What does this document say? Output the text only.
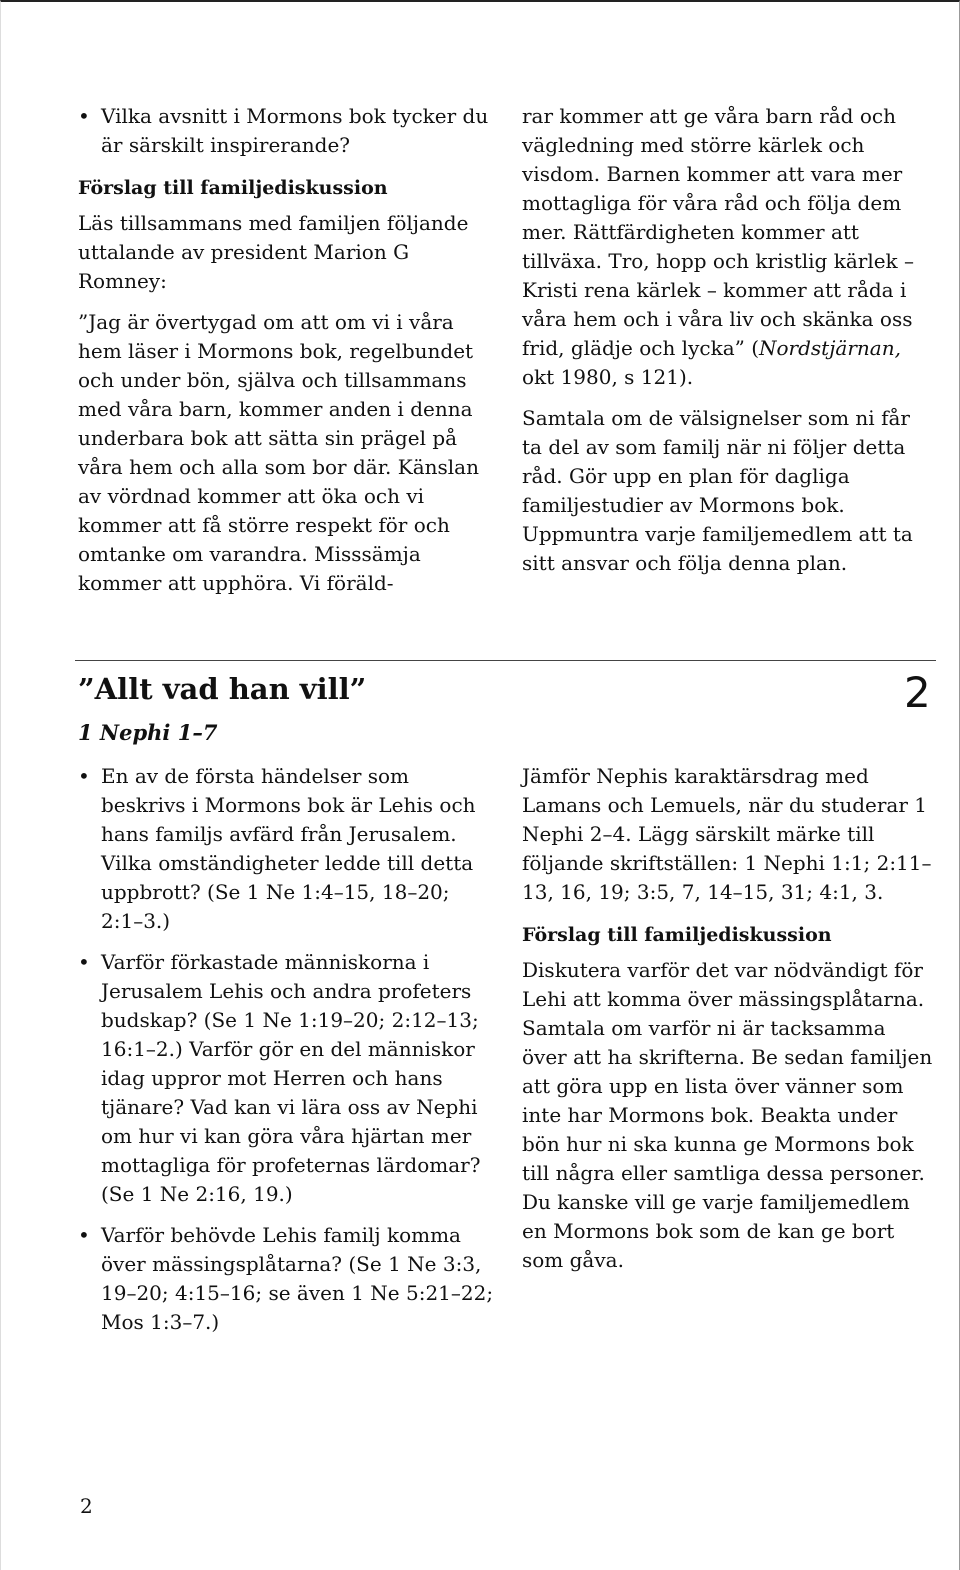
• Vilka avsnitt i Mormons bok tycker du är särskilt inspirerande?

Förslag till familjediskussion

Läs tillsammans med familjen följande uttalande av president Marion G Romney:

”Jag är övertygad om att om vi i våra hem läser i Mormons bok, regelbundet och under bön, själva och tillsammans med våra barn, kommer anden i denna underbara bok att sätta sin prägel på våra hem och alla som bor där. Känslan av vördnad kommer att öka och vi kommer att få större respekt för och omtanke om varandra. Misssämja kommer att upphöra. Vi föräld-

rar kommer att ge våra barn råd och vägledning med större kärlek och visdom. Barnen kommer att vara mer mottagliga för våra råd och följa dem mer. Rättfärdigheten kommer att tillväxa. Tro, hopp och kristlig kärlek – Kristi rena kärlek – kommer att råda i våra hem och i våra liv och skänka oss frid, glädje och lycka” (Nordstjärnan, okt 1980, s 121).

Samtala om de välsignelser som ni får ta del av som familj när ni följer detta råd. Gör upp en plan för dagliga familjestudier av Mormons bok. Uppmuntra varje familjemedlem att ta sitt ansvar och följa denna plan.

”Allt vad han vill”
1 Nephi 1–7
2
• En av de första händelser som beskrivs i Mormons bok är Lehis och hans familjs avfärd från Jerusalem. Vilka omständigheter ledde till detta uppbrott? (Se 1 Ne 1:4–15, 18–20; 2:1–3.)
• Varför förkastade människorna i Jerusalem Lehis och andra profeters budskap? (Se 1 Ne 1:19–20; 2:12–13; 16:1–2.) Varför gör en del människor idag uppror mot Herren och hans tjänare? Vad kan vi lära oss av Nephi om hur vi kan göra våra hjärtan mer mottagliga för profeternas lärdomar? (Se 1 Ne 2:16, 19.)
• Varför behövde Lehis familj komma över mässingsplåtarna? (Se 1 Ne 3:3, 19–20; 4:15–16; se även 1 Ne 5:21–22; Mos 1:3–7.)

Jämför Nephis karaktärsdrag med Lamans och Lemuels, när du studerar 1 Nephi 2–4. Lägg särskilt märke till följande skriftställen: 1 Nephi 1:1; 2:11–13, 16, 19; 3:5, 7, 14–15, 31; 4:1, 3.

Förslag till familjediskussion

Diskutera varför det var nödvändigt för Lehi att komma över mässingsplåtarna. Samtala om varför ni är tacksamma över att ha skrifterna. Be sedan familjen att göra upp en lista över vänner som inte har Mormons bok. Beakta under bön hur ni ska kunna ge Mormons bok till några eller samtliga dessa personer. Du kanske vill ge varje familjemedlem en Mormons bok som de kan ge bort som gåva.

2
